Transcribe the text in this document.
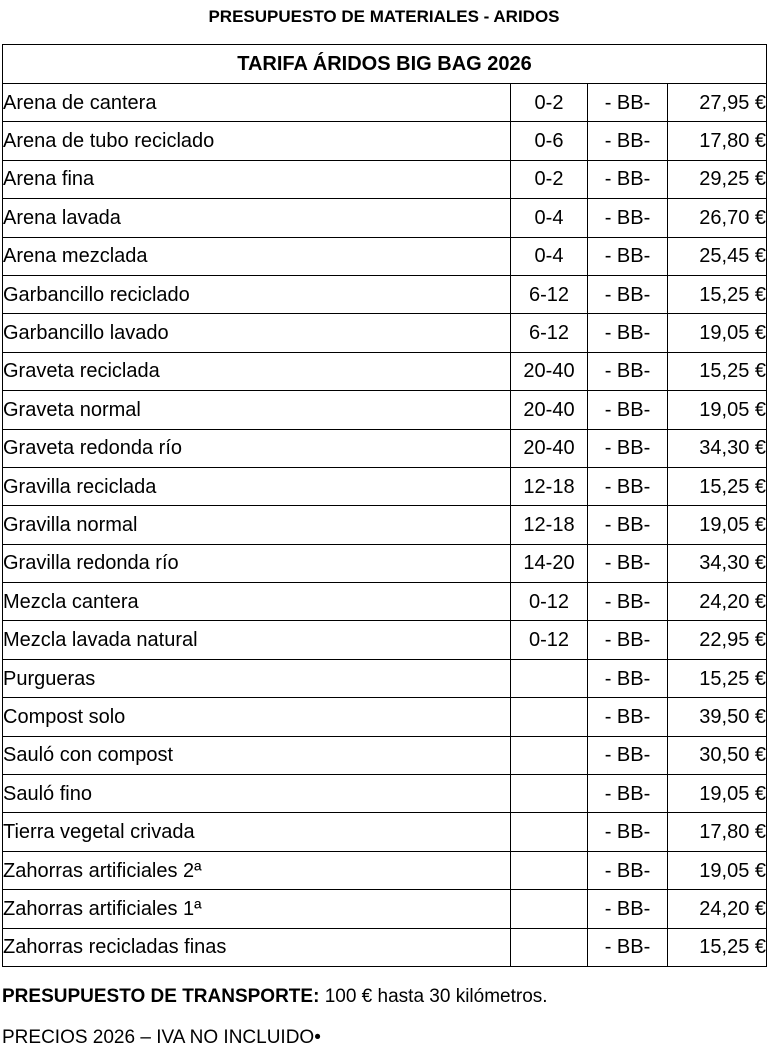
PRESUPUESTO DE MATERIALES - ARIDOS
TARIFA ÁRIDOS BIG BAG 2026			
Arena de cantera	0-2	- BB-	27,95 €
Arena de tubo reciclado	0-6	- BB-	17,80 €
Arena fina	0-2	- BB-	29,25 €
Arena lavada	0-4	- BB-	26,70 €
Arena mezclada	0-4	- BB-	25,45 €
Garbancillo reciclado	6-12	- BB-	15,25 €
Garbancillo lavado	6-12	- BB-	19,05 €
Graveta reciclada	20-40	- BB-	15,25 €
Graveta normal	20-40	- BB-	19,05 €
Graveta redonda río	20-40	- BB-	34,30 €
Gravilla reciclada	12-18	- BB-	15,25 €
Gravilla normal	12-18	- BB-	19,05 €
Gravilla redonda río	14-20	- BB-	34,30 €
Mezcla cantera	0-12	- BB-	24,20 €
Mezcla lavada natural	0-12	- BB-	22,95 €
Purgueras		- BB-	15,25 €
Compost solo		- BB-	39,50 €
Sauló con compost		- BB-	30,50 €
Sauló fino		- BB-	19,05 €
Tierra vegetal crivada		- BB-	17,80 €
Zahorras artificiales 2ª		- BB-	19,05 €
Zahorras artificiales 1ª		- BB-	24,20 €
Zahorras recicladas finas		- BB-	15,25 €
PRESUPUESTO DE TRANSPORTE: 100 € hasta 30 kilómetros.
PRECIOS 2026 – IVA NO INCLUIDO•
